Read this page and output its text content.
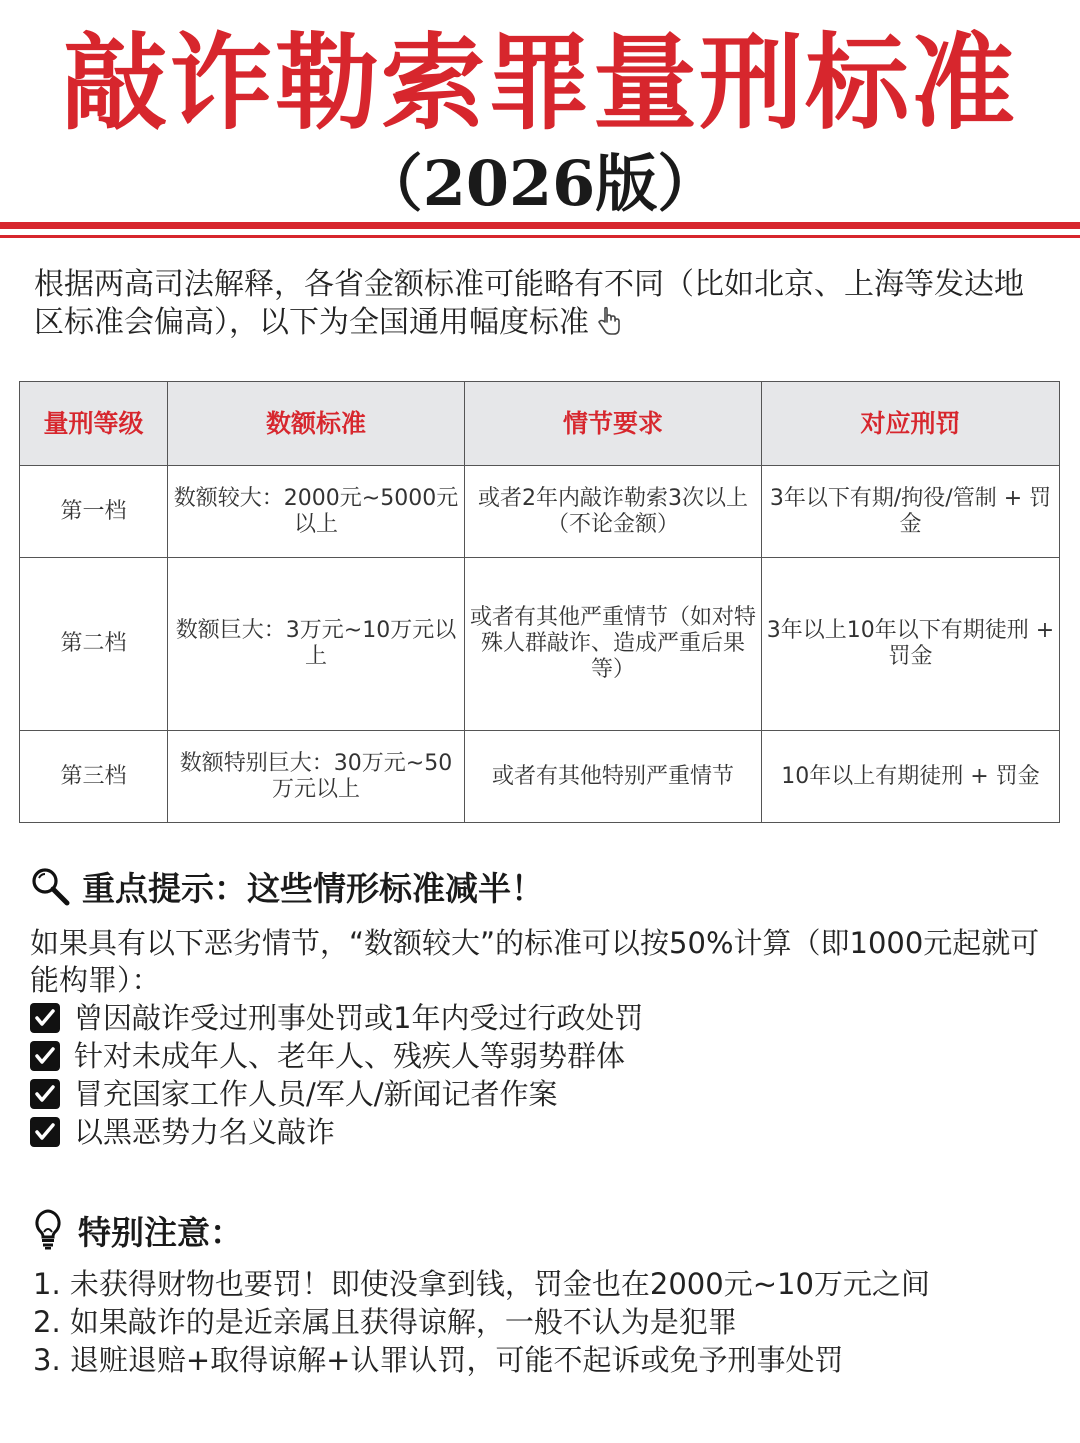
敲诈勒索罪量刑标准
（2026版）
根据两高司法解释，各省金额标准可能略有不同（比如北京、上海等发达地区标准会偏高），以下为全国通用幅度标准
量刑等级	数额标准	情节要求	对应刑罚
第一档	数额较大：2000元~5000元以上	或者2年内敲诈勒索3次以上（不论金额）	3年以下有期/拘役/管制 + 罚金
第二档	数额巨大：3万元~10万元以上	或者有其他严重情节（如对特殊人群敲诈、造成严重后果等）	3年以上10年以下有期徒刑 + 罚金
第三档	数额特别巨大：30万元~50万元以上	或者有其他特别严重情节	10年以上有期徒刑 + 罚金
重点提示：这些情形标准减半！
如果具有以下恶劣情节，“数额较大”的标准可以按50%计算（即1000元起就可能构罪）：
曾因敲诈受过刑事处罚或1年内受过行政处罚
针对未成年人、老年人、残疾人等弱势群体
冒充国家工作人员/军人/新闻记者作案
以黑恶势力名义敲诈
特别注意：
1. 未获得财物也要罚！即使没拿到钱，罚金也在2000元~10万元之间
2. 如果敲诈的是近亲属且获得谅解，一般不认为是犯罪
3. 退赃退赔+取得谅解+认罪认罚，可能不起诉或免予刑事处罚
